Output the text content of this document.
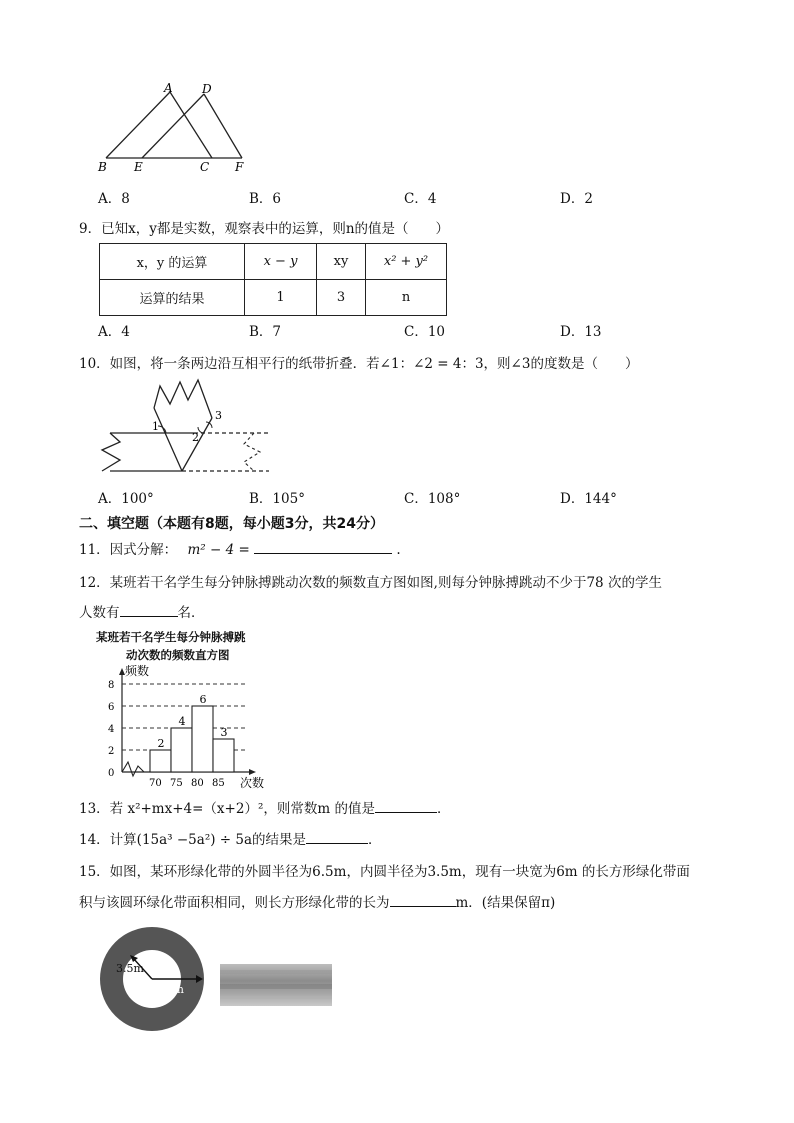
A D
B E	C F
A．8	B．6	C．4	D．2
9．已知x，y都是实数，观察表中的运算，则n的值是（　　）
x，y 的运算	x − y	xy	x² + y²
运算的结果	1	3	n
A．4	B．7	C．10	D．13
10．如图，将一条两边沿互相平行的纸带折叠．若∠1：∠2 = 4：3，则∠3的度数是（　　）
1
2
3
A．100°	B．105°	C．108°	D．144°
二、填空题（本题有8题，每小题3分，共24分）
11．因式分解： m² − 4 =	.
12．某班若干名学生每分钟脉搏跳动次数的频数直方图如图,则每分钟脉搏跳动不少于78 次的学生
人数有	名．
某班若干名学生每分钟脉搏跳
动次数的频数直方图
频数
0
2
4
6
8
2
4
6
3
70 75 80 85 次数
13．若 x²+mx+4=（x+2）²，则常数m 的值是	．
14．计算(15a³ −5a²) ÷ 5a的结果是	．
15．如图，某环形绿化带的外圆半径为6.5m，内圆半径为3.5m，现有一块宽为6m 的长方形绿化带面
积与该圆环绿化带面积相同，则长方形绿化带的长为	m．(结果保留π)
3.5m
6.5m
